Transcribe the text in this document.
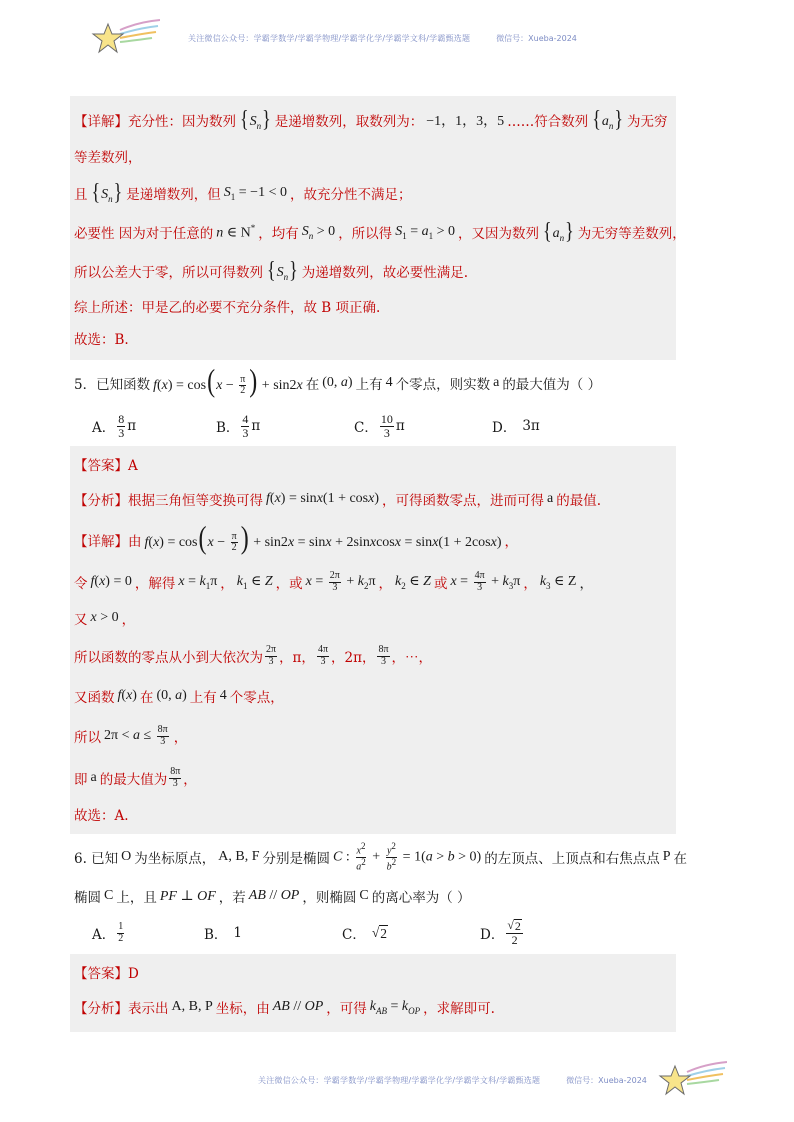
关注微信公众号：学霸学数学/学霸学物理/学霸学化学/学霸学文科/学霸甄选题	微信号：Xueba-2024
【详解】充分性：因为数列 $\{S_n\}$ 是递增数列，取数列为： −1，1，3，5 ……符合数列 $\{a_n\}$ 为无穷
等差数列，
且 $\{S_n\}$ 是递增数列，但 $S_1 = -1 < 0$ ，故充分性不满足；
必要性 因为对于任意的 n ∈ N* ，均有 $S_n > 0$ ，所以得 $S_1 = a_1 > 0$ ，又因为数列 $\{a_n\}$ 为无穷等差数列，
所以公差大于零，所以可得数列 $\{S_n\}$ 为递增数列，故必要性满足.
综上所述：甲是乙的必要不充分条件，故 B 项正确.
故选：B.
5．已知函数 $f(x) = \cos(x - \frac{\pi}{2}$ ) + sin2x 在 (0, a) 上有 4 个零点，则实数 a 的最大值为（ ）
A． $\frac{8}{3}$ π	B． $\frac{4}{3}$ π	C． $\frac{10}{3}$ π	D． 3π
【答案】A
【分析】根据三角恒等变换可得 f(x) = sinx(1 + cosx) ，可得函数零点，进而可得 a 的最值.
【详解】由 $f(x) = \cos(x - \frac{\pi}{2}$ ) + sin2x = sinx + 2sinxcosx = sinx(1 + 2cosx) ，
令 f(x) = 0 ，解得 $x = k_1\pi$ ， $k_1$ ∈ Z ，或 $x = \frac{2\pi}{3} + k_2\pi$ ， $k_2$ ∈ Z 或 $x = \frac{4\pi}{3} + k_3\pi$ ， $k_3$ ∈ Z ，
又 x > 0 ，
所以函数的零点从小到大依次为 $\frac{2\pi}{3}$ ，π， $\frac{4\pi}{3}$ ，2π， $\frac{8\pi}{3}$ ，⋯，
又函数 f(x) 在 (0, a) 上有 4 个零点，
所以 $2\pi < a \le \frac{8\pi}{3}$ ，
即 a 的最大值为 $\frac{8\pi}{3}$ ，
故选：A.
6. 已知 O 为坐标原点， A, B, F 分别是椭圆 C : $\frac{x^2}{a^2} + \frac{y^2}{b^2} = 1(a > b > 0)$ 的左顶点、上顶点和右焦点点 P 在
椭圆 C 上，且 PF ⊥ OF ，若 AB // OP ，则椭圆 C 的离心率为（ ）
A． $\frac{1}{2}$	B． 1	C． √ 2	D． $\frac{√ 2}{2}$
【答案】D
【分析】表示出 A, B, P 坐标，由 AB // OP ，可得 $k_{AB} = k_{OP}$ ，求解即可.
关注微信公众号：学霸学数学/学霸学物理/学霸学化学/学霸学文科/学霸甄选题	微信号：Xueba-2024
